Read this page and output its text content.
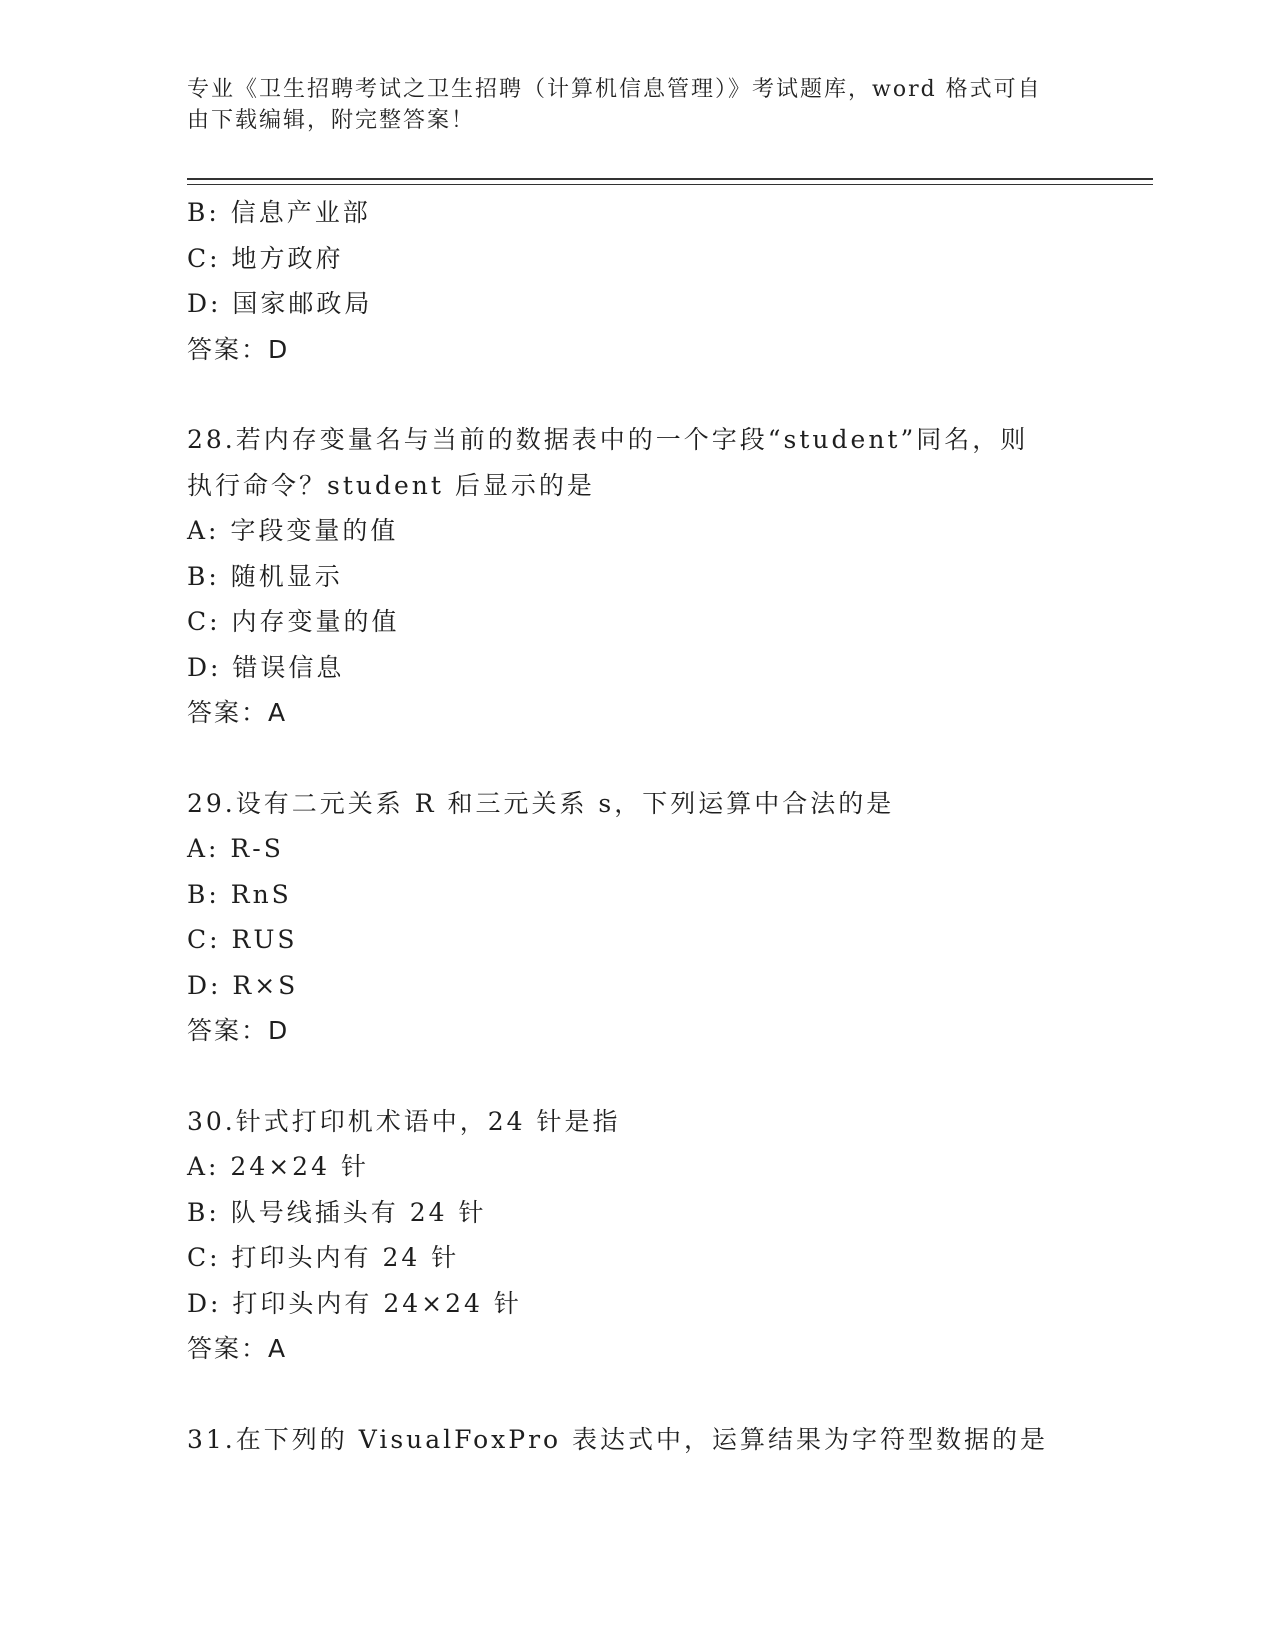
专业《卫生招聘考试之卫生招聘（计算机信息管理）》考试题库，word 格式可自
由下载编辑，附完整答案！
B: 信息产业部
C: 地方政府
D: 国家邮政局
答案：D
28.若内存变量名与当前的数据表中的一个字段“student”同名，则
执行命令？student 后显示的是
A: 字段变量的值
B: 随机显示
C: 内存变量的值
D: 错误信息
答案：A
29.设有二元关系 R 和三元关系 s，下列运算中合法的是
A: R-S
B: RnS
C: RUS
D: R×S
答案：D
30.针式打印机术语中，24 针是指
A: 24×24 针
B: 队号线插头有 24 针
C: 打印头内有 24 针
D: 打印头内有 24×24 针
答案：A
31.在下列的 VisualFoxPro 表达式中，运算结果为字符型数据的是
